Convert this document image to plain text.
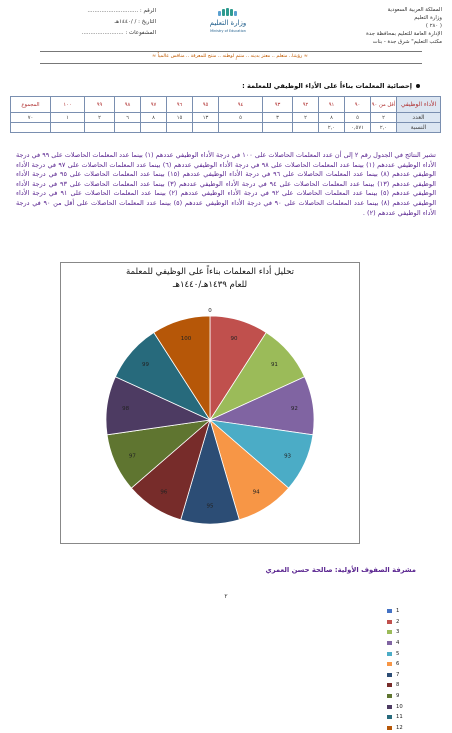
المملكة العربية السعودية
وزارة التعليم
( ٢٨٠ )
الإدارة العامة للتعليم بمحافظة جدة
مكتب التعليم" شرق جدة - بنات
وزارة التعليم
Ministry of Education
الرقم : .............................
التاريخ : / /١٤٤٠هـ
المشفوعات : ........................
≈ رؤيتنا.. متعلم .. معتز بدينه .. منتمٍ لوطنه .. منتج للمعرفة .. منافس عالمياً ≈
إحصائية المعلمات بناءاً على الأداء الوظيفي للمعلمة :
الأداء الوظيفي	أقل من ٩٠	٩٠	٩١	٩٢	٩٣	٩٤	٩٥	٩٦	٩٧	٩٨	٩٩	١٠٠	المجموع
العدد	٢	٥	٨	٢	٣	٥	١٣	١٥	٨	٦	٢	١	٧٠
النسبة	٢,٠	٠,٥٧١	٢,٠										
تشير النتائج في الجدول رقم ٢ إلى أن عدد المعلمات الحاصلات على ١٠٠ في درجة الأداء الوظيفي عددهم (١) بينما عدد المعلمات الحاصلات على ٩٩ في درجة الأداء الوظيفي عددهم (١) بينما عدد المعلمات الحاصلات على ٩٨ في درجة الأداء الوظيفي عددهم (٦) بينما عدد المعلمات الحاصلات على ٩٧ في درجة الأداء الوظيفي عددهم (٨) بينما عدد المعلمات الحاصلات على ٩٦ في درجة الأداء الوظيفي عددهم (١٥) بينما عدد المعلمات الحاصلات على ٩٥ في درجة الأداء الوظيفي عددهم (١٣) بينما عدد المعلمات الحاصلات على ٩٤ في درجة الأداء الوظيفي عددهم (٣) بينما عدد المعلمات الحاصلات على ٩٣ في درجة الأداء الوظيفي عددهم (٥) بينما عدد المعلمات الحاصلات على ٩٢ في درجة الأداء الوظيفي عددهم (٢) بينما عدد المعلمات الحاصلات على ٩١ في درجة الأداء الوظيفي عددهم (٨) بينما عدد المعلمات الحاصلات على ٩٠ في درجة الأداء الوظيفي عددهم (٥) بينما عدد المعلمات الحاصلات على أقل من ٩٠ في درجة الأداء الوظيفي عددهم (٢) .
تحليل أداء المعلمات بناءاً على الوظيفي للمعلمة
للعام ١٤٣٩هـ/١٤٤٠هـ
0
90
91
92
93
94
95
96
97
98
99
100
1
2
3
4
5
6
7
8
9
10
11
12
مشرفة الصفوف الأولية: صالحة حسن العمري
٢
